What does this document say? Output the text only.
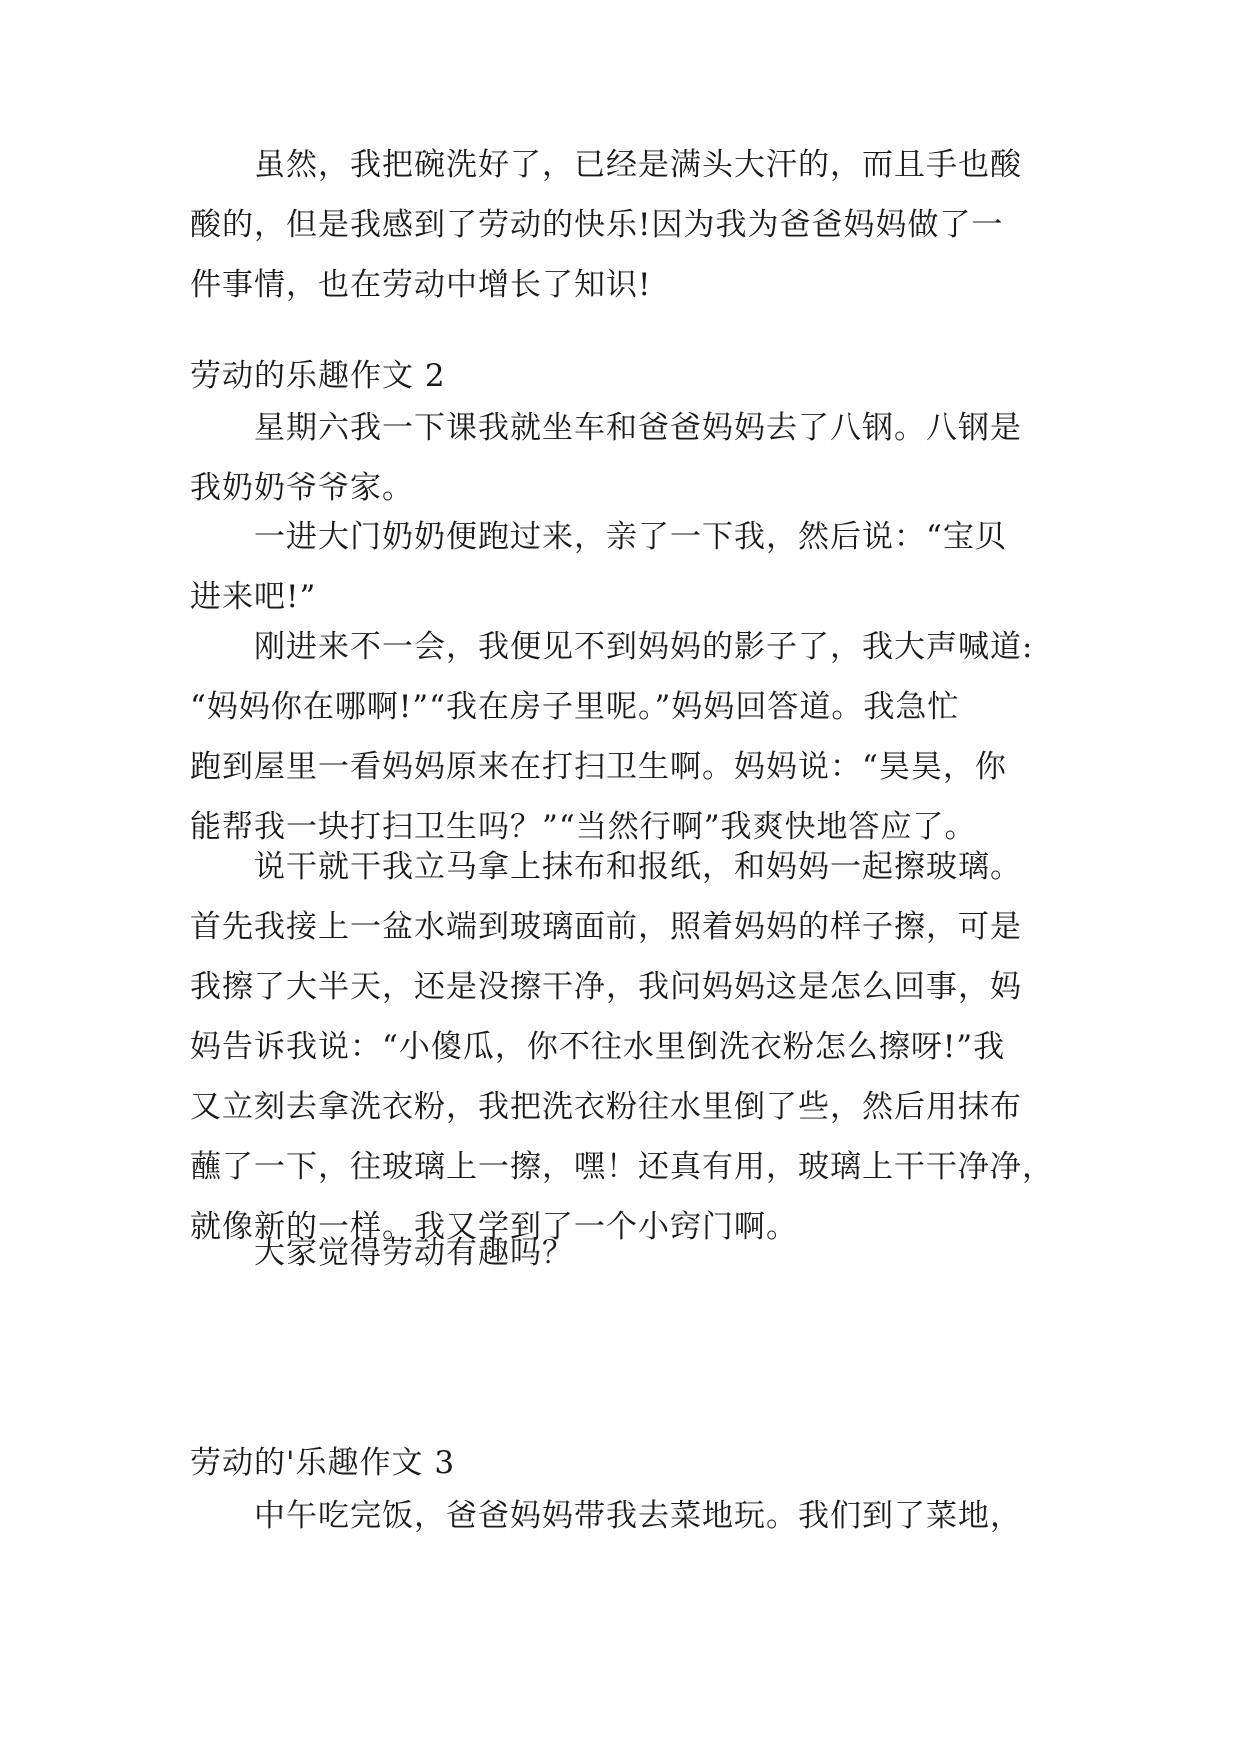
虽然，我把碗洗好了，已经是满头大汗的，而且手也酸
酸的，但是我感到了劳动的快乐!因为我为爸爸妈妈做了一
件事情，也在劳动中增长了知识!
劳动的乐趣作文 2
星期六我一下课我就坐车和爸爸妈妈去了八钢。八钢是
我奶奶爷爷家。
一进大门奶奶便跑过来，亲了一下我，然后说：“宝贝
进来吧!”
刚进来不一会，我便见不到妈妈的影子了，我大声喊道:
“妈妈你在哪啊!”“我在房子里呢。”妈妈回答道。我急忙
跑到屋里一看妈妈原来在打扫卫生啊。妈妈说：“昊昊，你
能帮我一块打扫卫生吗？”“当然行啊”我爽快地答应了。
说干就干我立马拿上抹布和报纸，和妈妈一起擦玻璃。
首先我接上一盆水端到玻璃面前，照着妈妈的样子擦，可是
我擦了大半天，还是没擦干净，我问妈妈这是怎么回事，妈
妈告诉我说：“小傻瓜，你不往水里倒洗衣粉怎么擦呀!”我
又立刻去拿洗衣粉，我把洗衣粉往水里倒了些，然后用抹布
蘸了一下，往玻璃上一擦，嘿！还真有用，玻璃上干干净净，
就像新的一样。我又学到了一个小窍门啊。
大家觉得劳动有趣吗？
劳动的'乐趣作文 3
中午吃完饭，爸爸妈妈带我去菜地玩。我们到了菜地，
